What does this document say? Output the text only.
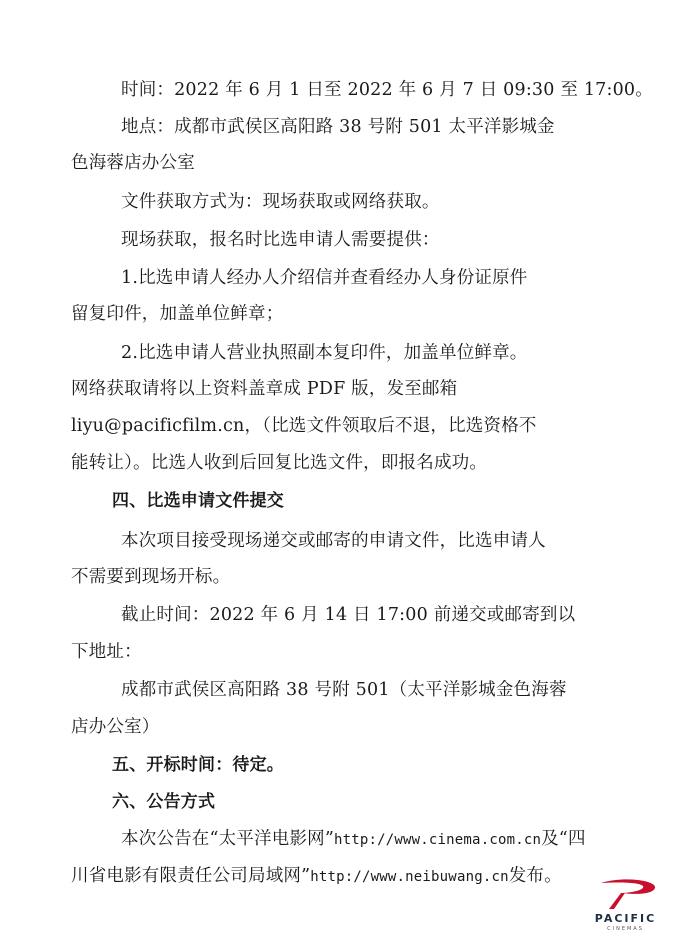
时间：2022 年 6 月 1 日至 2022 年 6 月 7 日 09:30 至 17:00。

地点：成都市武侯区高阳路 38 号附 501 太平洋影城金

色海蓉店办公室

文件获取方式为：现场获取或网络获取。

现场获取，报名时比选申请人需要提供：

1.比选申请人经办人介绍信并查看经办人身份证原件

留复印件，加盖单位鲜章；

2.比选申请人营业执照副本复印件，加盖单位鲜章。

网络获取请将以上资料盖章成 PDF 版，发至邮箱

liyu@pacificfilm.cn，（比选文件领取后不退，比选资格不

能转让）。比选人收到后回复比选文件，即报名成功。

四、比选申请文件提交

本次项目接受现场递交或邮寄的申请文件，比选申请人

不需要到现场开标。

截止时间：2022 年 6 月 14 日 17:00 前递交或邮寄到以

下地址：

成都市武侯区高阳路 38 号附 501（太平洋影城金色海蓉

店办公室）

五、开标时间：待定。

六、公告方式

本次公告在“太平洋电影网”http://www.cinema.com.cn及“四

川省电影有限责任公司局域网”http://www.neibuwang.cn发布。

PACIFIC
CINEMAS
